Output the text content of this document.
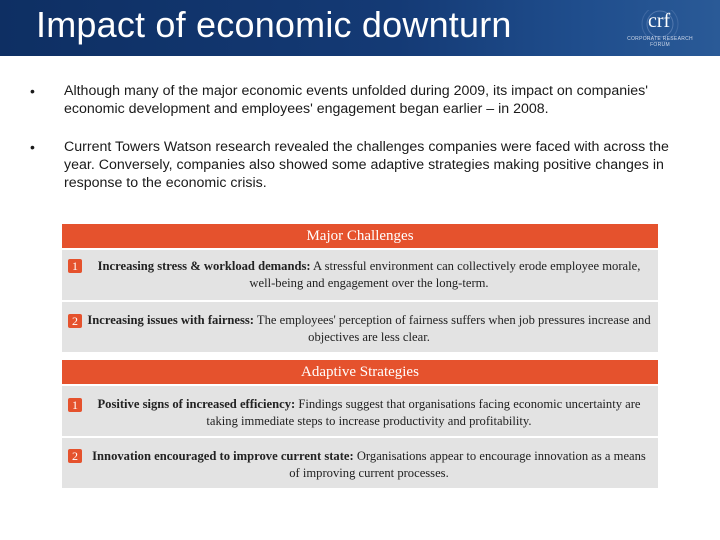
Impact of economic downturn	crf
CORPORATE RESEARCH FORUM
• Although many of the major economic events unfolded during 2009, its impact on companies' economic development and employees' engagement began earlier – in 2008.
• Current Towers Watson research revealed the challenges companies were faced with across the year. Conversely, companies also showed some adaptive strategies making positive changes in response to the economic crisis.
Major Challenges
1	Increasing stress & workload demands: A stressful environment can collectively erode employee morale, well-being and engagement over the long-term.
2 Increasing issues with fairness: The employees' perception of fairness suffers when job pressures increase and objectives are less clear.
Adaptive Strategies
1	Positive signs of increased efficiency: Findings suggest that organisations facing economic uncertainty are taking immediate steps to increase productivity and profitability.
2	Innovation encouraged to improve current state: Organisations appear to encourage innovation as a means of improving current processes.
